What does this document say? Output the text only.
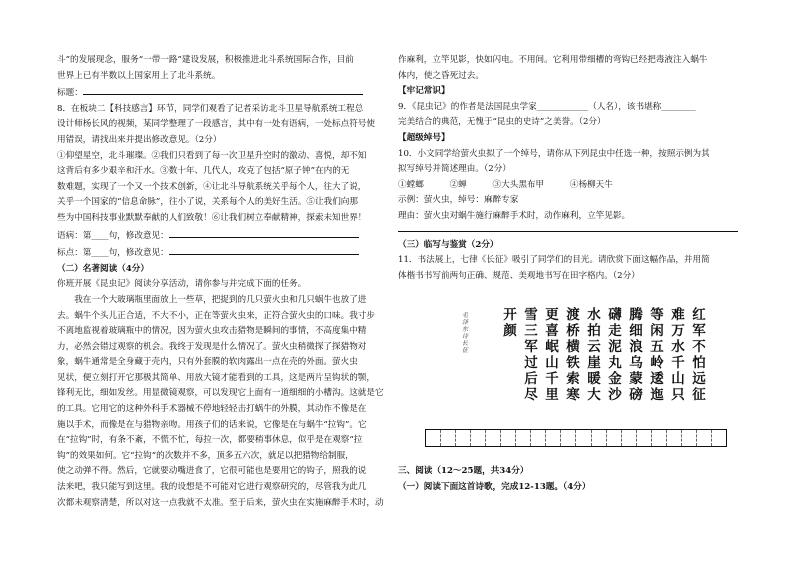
斗”的发展现念，服务“一带一路”建设发展，积极推进北斗系统国际合作，目前

世界上已有半数以上国家用上了北斗系统。

标题：

8．在板块二【科技感言】环节，同学们观看了记者采访北斗卫星导航系统工程总

设计师杨长风的视频，某同学整理了一段感言，其中有一处有语病，一处标点符号使

用错误，请找出来并提出修改意见。（2分）

①仰望星空，北斗璀璨。②我们只看到了每一次卫星升空时的激动、喜悦，却不知

这背后有多少艰辛和汗水。③数十年、几代人，攻克了包括“原子钟”在内的无

数难题，实现了一个又一个技术创新，④让北斗导航系统关乎每个人，往大了说，

关乎一个国家的“信息命脉”，往小了说，关系每个人的美好生活。⑤让我们向那

些为中国科技事业默默奉献的人们致敬！⑥让我们树立奉献精神，探索未知世界！

语病：第____句，修改意见：

标点：第____句，修改意见：

（二）名著阅读（4分）

你班开展《昆虫记》阅读分享活动，请你参与并完成下面的任务。

我在一个大玻璃瓶里面放上一些草，把捉到的几只萤火虫和几只蜗牛也放了进

去。蜗牛个头儿正合适，不大不小，正在等萤火虫来，正符合萤火虫的口味。我寸步

不离地监视着玻璃瓶中的情况，因为萤火虫攻击猎物是瞬间的事情，不高度集中精

力，必然会错过观察的机会。我终于发现是什么情况了。萤火虫稍微探了探猎物对

象，蜗牛通常是全身藏于壳内，只有外套膜的软肉露出一点在壳的外面。萤火虫

见状，便立刻打开它那极其简单、用放大镜才能看到的工具，这是两片呈钩状的颚，

锋利无比，细如发丝。用显微镜观察，可以发现它上面有一道细细的小槽沟。这就是它

的工具。它用它的这种外科手术器械不停地轻轻击打蜗牛的外膜，其动作不像是在

施以手术，而像是在与猎物亲吻。用孩子们的话来说，它像是在与蜗牛“拉钩”。它

在“拉钩”时，有条不紊，不慌不忙，每拉一次，都要稍事休息，似乎是在观察“拉

钩”的效果如何。它“拉钩”的次数并不多，顶多五六次，就足以把猎物给制服，

使之动弹不得。然后，它就要动嘴进食了，它很可能也是要用它的钩子，照我的说

法来吧，我只能写到这里。我的设想是不可能对它进行观察研究的，尽管我为此几

次都未观察清楚，所以对这一点我就不太准。至于后来，萤火虫在实施麻醉手术时，动

作麻利，立竿见影，快如闪电。不用间。它利用带细槽的弯钩已经把毒液注入蜗牛

体内，使之昏死过去。

【牢记常识】

9．《昆虫记》的作者是法国昆虫学家____________（人名），该书堪称________

完美结合的典范，无愧于“昆虫的史诗”之美誉。（2分）

【超级绰号】

10．小文同学给萤火虫拟了一个绰号，请你从下列昆虫中任选一种，按照示例为其

拟写绰号并简述理由。（2分）

①螳螂　　　②蝉　　　③大头黑布甲　　　④杨柳天牛

示例：萤火虫，绰号：麻醉专家

理由：萤火虫对蜗牛施行麻醉手术时，动作麻利，立竿见影。

（三）临写与鉴赏（2分）

11．书法展上，七律《长征》吸引了同学们的目光。请欣赏下面这幅作品，并用简

体楷书书写前两句正确、规范、美观地书写在田字格内。（2分）

红
军
不
怕
远
征
难
万
水
千
山
只
等
闲
五
岭
逶
迤
腾
细
浪
乌
蒙
磅
礴
走
泥
丸
金
沙
水
拍
云
崖
暖
大
渡
桥
横
铁
索
寒
更
喜
岷
山
千
里
雪
三
军
过
后
尽
开
颜
毛泽东诗长征

三、阅读（12～25题，共34分）

（一）阅读下面这首诗歌，完成12-13题。（4分）
